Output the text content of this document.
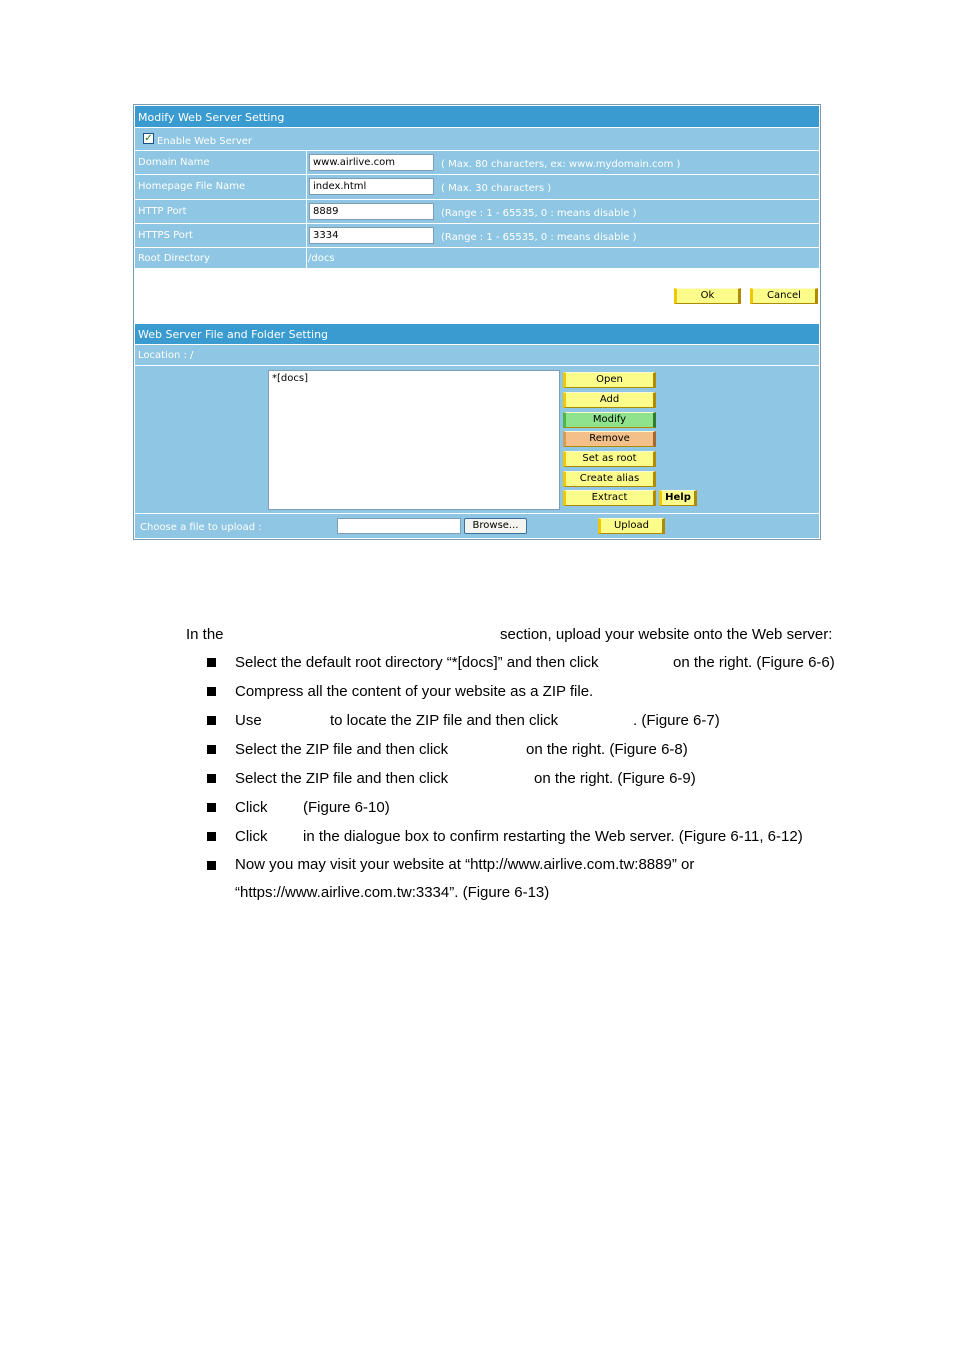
Modify Web Server Setting
✓ Enable Web Server
Domain Name	www.airlive.com	( Max. 80 characters, ex: www.mydomain.com )
Homepage File Name	index.html	( Max. 30 characters )
HTTP Port	8889	(Range : 1 - 65535, 0 : means disable )
HTTPS Port	3334	(Range : 1 - 65535, 0 : means disable )
Root Directory	/docs
Ok	Cancel
Web Server File and Folder Setting
Location : /
*[docs]	Open
Add
Modify
Remove
Set as root
Create alias
Extract	Help
Choose a file to upload :	Browse...	Upload
In the	section, upload your website onto the Web server:
Select the default root directory “*[docs]” and then click	on the right. (Figure 6-6)
Compress all the content of your website as a ZIP file.
Use	to locate the ZIP file and then click	. (Figure 6-7)
Select the ZIP file and then click	on the right. (Figure 6-8)
Select the ZIP file and then click	on the right. (Figure 6-9)
Click (Figure 6-10)
Click in the dialogue box to confirm restarting the Web server. (Figure 6-11, 6-12)
Now you may visit your website at “http://www.airlive.com.tw:8889” or
“https://www.airlive.com.tw:3334”. (Figure 6-13)
